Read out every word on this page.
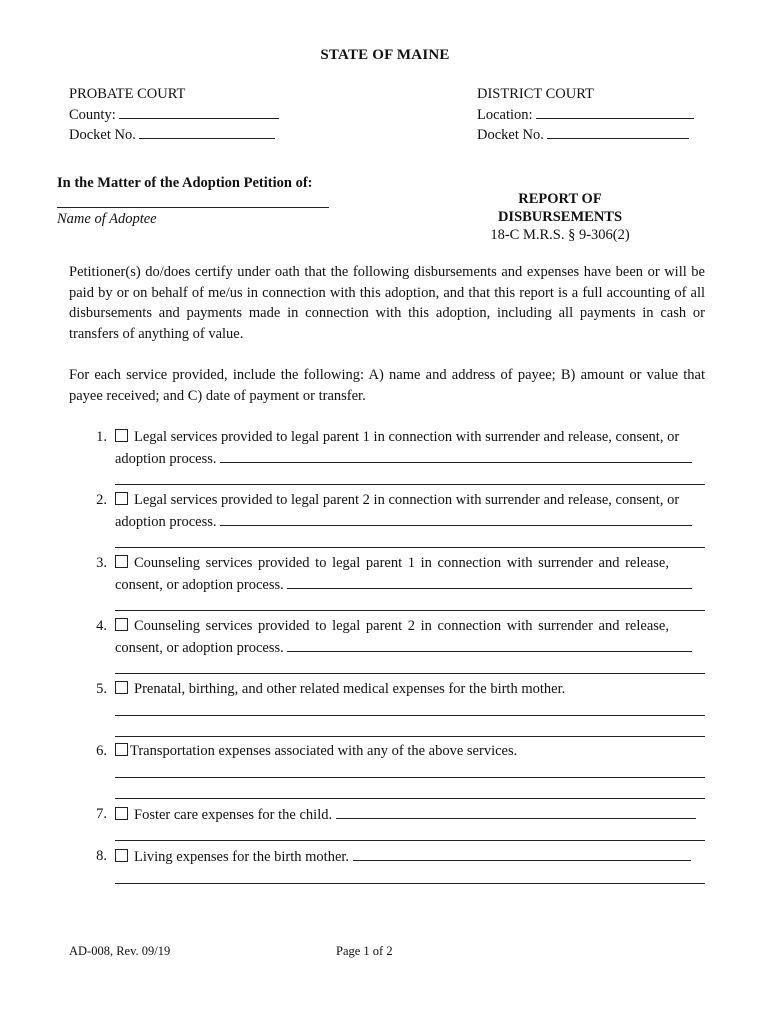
STATE OF MAINE
PROBATE COURT
County:
Docket No.
DISTRICT COURT
Location:
Docket No.
In the Matter of the Adoption Petition of:
Name of Adoptee
REPORT OF
DISBURSEMENTS
18-C M.R.S. § 9-306(2)
Petitioner(s) do/does certify under oath that the following disbursements and expenses have been or will be paid by or on behalf of me/us in connection with this adoption, and that this report is a full accounting of all disbursements and payments made in connection with this adoption, including all payments in cash or transfers of anything of value.
For each service provided, include the following: A) name and address of payee; B) amount or value that payee received; and C) date of payment or transfer.
1.	Legal services provided to legal parent 1 in connection with surrender and release, consent, or
adoption process.
2.	Legal services provided to legal parent 2 in connection with surrender and release, consent, or
adoption process.
3.	Counseling services provided to legal parent 1 in connection with surrender and release,
consent, or adoption process.
4.	Counseling services provided to legal parent 2 in connection with surrender and release,
consent, or adoption process.
5.	Prenatal, birthing, and other related medical expenses for the birth mother.
6.	Transportation expenses associated with any of the above services.
7.	Foster care expenses for the child.
8.	Living expenses for the birth mother.
AD-008, Rev. 09/19	Page 1 of 2
